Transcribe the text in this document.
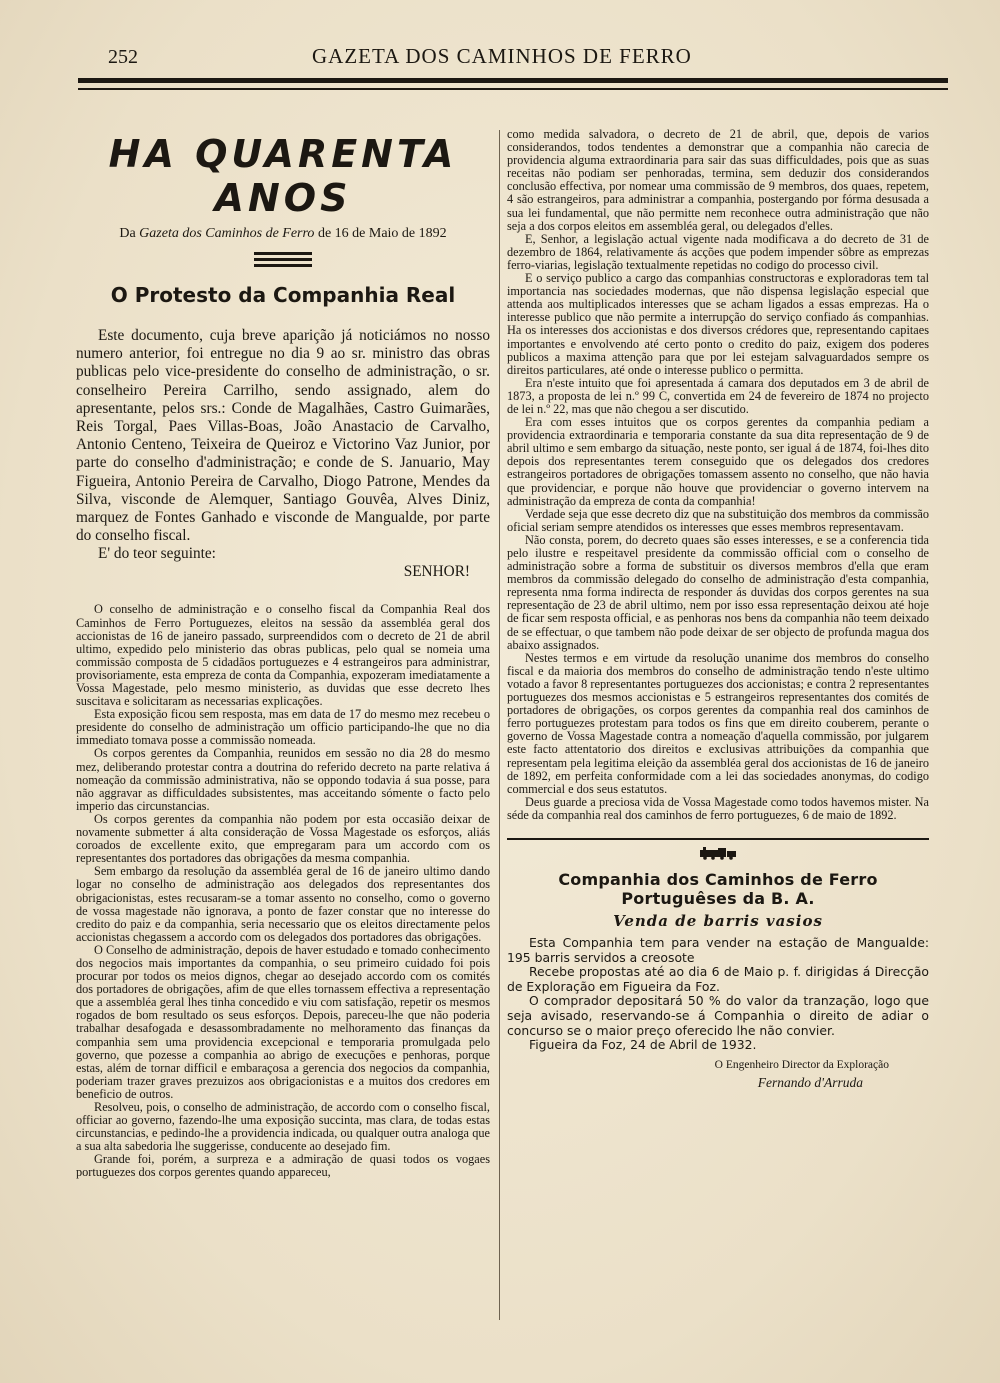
252	GAZETA DOS CAMINHOS DE FERRO
HA QUARENTA ANOS
Da Gazeta dos Caminhos de Ferro de 16 de Maio de 1892
O Protesto da Companhia Real

Este documento, cuja breve aparição já noticiámos no nosso numero anterior, foi entregue no dia 9 ao sr. ministro das obras publicas pelo vice-presidente do conselho de administração, o sr. conselheiro Pereira Carrilho, sendo assignado, alem do apresentante, pelos srs.: Conde de Magalhães, Castro Guimarães, Reis Torgal, Paes Villas-Boas, João Anastacio de Carvalho, Antonio Centeno, Teixeira de Queiroz e Victorino Vaz Junior, por parte do conselho d'administração; e conde de S. Januario, May Figueira, Antonio Pereira de Carvalho, Diogo Patrone, Mendes da Silva, visconde de Alemquer, Santiago Gouvêa, Alves Diniz, marquez de Fontes Ganhado e visconde de Mangualde, por parte do conselho fiscal.

E' do teor seguinte:

SENHOR!

O conselho de administração e o conselho fiscal da Companhia Real dos Caminhos de Ferro Portuguezes, eleitos na sessão da assembléa geral dos accionistas de 16 de janeiro passado, surpreendidos com o decreto de 21 de abril ultimo, expedido pelo ministerio das obras publicas, pelo qual se nomeia uma commissão composta de 5 cidadãos portuguezes e 4 estrangeiros para administrar, provisoriamente, esta empreza de conta da Companhia, expozeram imediatamente a Vossa Magestade, pelo mesmo ministerio, as duvidas que esse decreto lhes suscitava e solicitaram as necessarias explicações.

Esta exposição ficou sem resposta, mas em data de 17 do mesmo mez recebeu o presidente do conselho de administração um officio participando-lhe que no dia immediato tomava posse a commissão nomeada.

Os corpos gerentes da Companhia, reunidos em sessão no dia 28 do mesmo mez, deliberando protestar contra a doutrina do referido decreto na parte relativa á nomeação da commissão administrativa, não se oppondo todavia á sua posse, para não aggravar as difficuldades subsistentes, mas acceitando sómente o facto pelo imperio das circunstancias.

Os corpos gerentes da companhia não podem por esta occasião deixar de novamente submetter á alta consideração de Vossa Magestade os esforços, aliás coroados de excellente exito, que empregaram para um accordo com os representantes dos portadores das obrigações da mesma companhia.

Sem embargo da resolução da assembléa geral de 16 de janeiro ultimo dando logar no conselho de administração aos delegados dos representantes dos obrigacionistas, estes recusaram-se a tomar assento no conselho, como o governo de vossa magestade não ignorava, a ponto de fazer constar que no interesse do credito do paiz e da companhia, seria necessario que os eleitos directamente pelos accionistas chegassem a accordo com os delegados dos portadores das obrigações.

O Conselho de administração, depois de haver estudado e tomado conhecimento dos negocios mais importantes da companhia, o seu primeiro cuidado foi pois procurar por todos os meios dignos, chegar ao desejado accordo com os comités dos portadores de obrigações, afim de que elles tornassem effectiva a representação que a assembléa geral lhes tinha concedido e viu com satisfação, repetir os mesmos rogados de bom resultado os seus esforços. Depois, pareceu-lhe que não poderia trabalhar desafogada e desassombradamente no melhoramento das finanças da companhia sem uma providencia excepcional e temporaria promulgada pelo governo, que pozesse a companhia ao abrigo de execuções e penhoras, porque estas, além de tornar difficil e embaraçosa a gerencia dos negocios da companhia, poderiam trazer graves prezuizos aos obrigacionistas e a muitos dos credores em beneficio de outros.

Resolveu, pois, o conselho de administração, de accordo com o conselho fiscal, officiar ao governo, fazendo-lhe uma exposição succinta, mas clara, de todas estas circunstancias, e pedindo-lhe a providencia indicada, ou qualquer outra analoga que a sua alta sabedoria lhe suggerisse, conducente ao desejado fim.

Grande foi, porém, a surpreza e a admiração de quasi todos os vogaes portuguezes dos corpos gerentes quando appareceu,

como medida salvadora, o decreto de 21 de abril, que, depois de varios considerandos, todos tendentes a demonstrar que a companhia não carecia de providencia alguma extraordinaria para sair das suas difficuldades, pois que as suas receitas não podiam ser penhoradas, termina, sem deduzir dos considerandos conclusão effectiva, por nomear uma commissão de 9 membros, dos quaes, repetem, 4 são estrangeiros, para administrar a companhia, postergando por fórma desusada a sua lei fundamental, que não permitte nem reconhece outra administração que não seja a dos corpos eleitos em assembléa geral, ou delegados d'elles.

E, Senhor, a legislação actual vigente nada modificava a do decreto de 31 de dezembro de 1864, relativamente ás acções que podem impender sôbre as emprezas ferro-viarias, legislação textualmente repetidas no codigo do processo civil.

E o serviço publico a cargo das companhias constructoras e exploradoras tem tal importancia nas sociedades modernas, que não dispensa legislação especial que attenda aos multiplicados interesses que se acham ligados a essas emprezas. Ha o interesse publico que não permite a interrupção do serviço confiado ás companhias. Ha os interesses dos accionistas e dos diversos crédores que, representando capitaes importantes e envolvendo até certo ponto o credito do paiz, exigem dos poderes publicos a maxima attenção para que por lei estejam salvaguardados sempre os direitos particulares, até onde o interesse publico o permitta.

Era n'este intuito que foi apresentada á camara dos deputados em 3 de abril de 1873, a proposta de lei n.º 99 C, convertida em 24 de fevereiro de 1874 no projecto de lei n.º 22, mas que não chegou a ser discutido.

Era com esses intuitos que os corpos gerentes da companhia pediam a providencia extraordinaria e temporaria constante da sua dita representação de 9 de abril ultimo e sem embargo da situação, neste ponto, ser igual á de 1874, foi-lhes dito depois dos representantes terem conseguido que os delegados dos credores estrangeiros portadores de obrigações tomassem assento no conselho, que não havia que providenciar, e porque não houve que providenciar o governo intervem na administração da empreza de conta da companhia!

Verdade seja que esse decreto diz que na substituição dos membros da commissão oficial seriam sempre atendidos os interesses que esses membros representavam.

Não consta, porem, do decreto quaes são esses interesses, e se a conferencia tida pelo ilustre e respeitavel presidente da commissão official com o conselho de administração sobre a forma de substituir os diversos membros d'ella que eram membros da commissão delegado do conselho de administração d'esta companhia, representa nma forma indirecta de responder ás duvidas dos corpos gerentes na sua representação de 23 de abril ultimo, nem por isso essa representação deixou até hoje de ficar sem resposta official, e as penhoras nos bens da companhia não teem deixado de se effectuar, o que tambem não pode deixar de ser objecto de profunda magua dos abaixo assignados.

Nestes termos e em virtude da resolução unanime dos membros do conselho fiscal e da maioria dos membros do conselho de administração tendo n'este ultimo votado a favor 8 representantes portuguezes dos accionistas; e contra 2 representantes portuguezes dos mesmos accionistas e 5 estrangeiros representantes dos comités de portadores de obrigações, os corpos gerentes da companhia real dos caminhos de ferro portuguezes protestam para todos os fins que em direito couberem, perante o governo de Vossa Magestade contra a nomeação d'aquella commissão, por julgarem este facto attentatorio dos direitos e exclusivas attribuições da companhia que representam pela legitima eleição da assembléa geral dos accionistas de 16 de janeiro de 1892, em perfeita conformidade com a lei das sociedades anonymas, do codigo commercial e dos seus estatutos.

Deus guarde a preciosa vida de Vossa Magestade como todos havemos mister. Na séde da companhia real dos caminhos de ferro portuguezes, 6 de maio de 1892.

Companhia dos Caminhos de Ferro Portuguêses da B. A.
Venda de barris vasios

Esta Companhia tem para vender na estação de Mangualde: 195 barris servidos a creosote

Recebe propostas até ao dia 6 de Maio p. f. dirigidas á Direcção de Exploração em Figueira da Foz.

O comprador depositará 50 % do valor da tranzação, logo que seja avisado, reservando-se á Companhia o direito de adiar o concurso se o maior preço oferecido lhe não convier.

Figueira da Foz, 24 de Abril de 1932.

O Engenheiro Director da Exploração
Fernando d'Arruda
